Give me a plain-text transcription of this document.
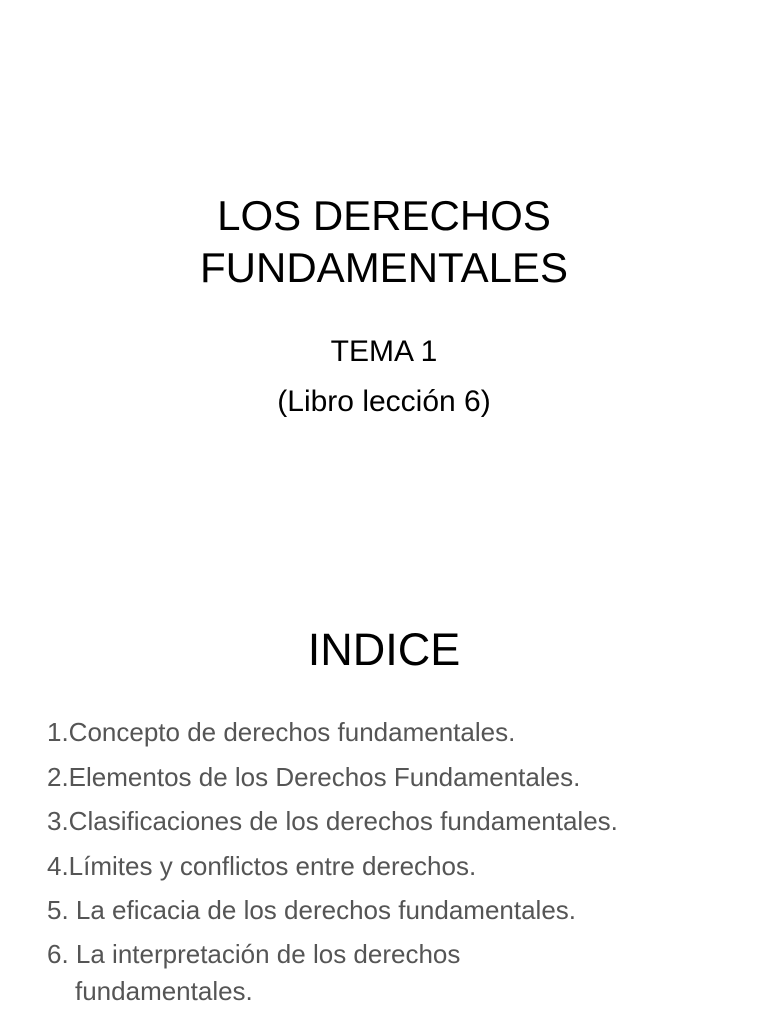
LOS DERECHOS
FUNDAMENTALES
TEMA 1
(Libro lección 6)
INDICE
1.Concepto de derechos fundamentales.
2.Elementos de los Derechos Fundamentales.
3.Clasificaciones de los derechos fundamentales.
4.Límites y conflictos entre derechos.
5. La eficacia de los derechos fundamentales.
6. La interpretación de los derechos
fundamentales.
